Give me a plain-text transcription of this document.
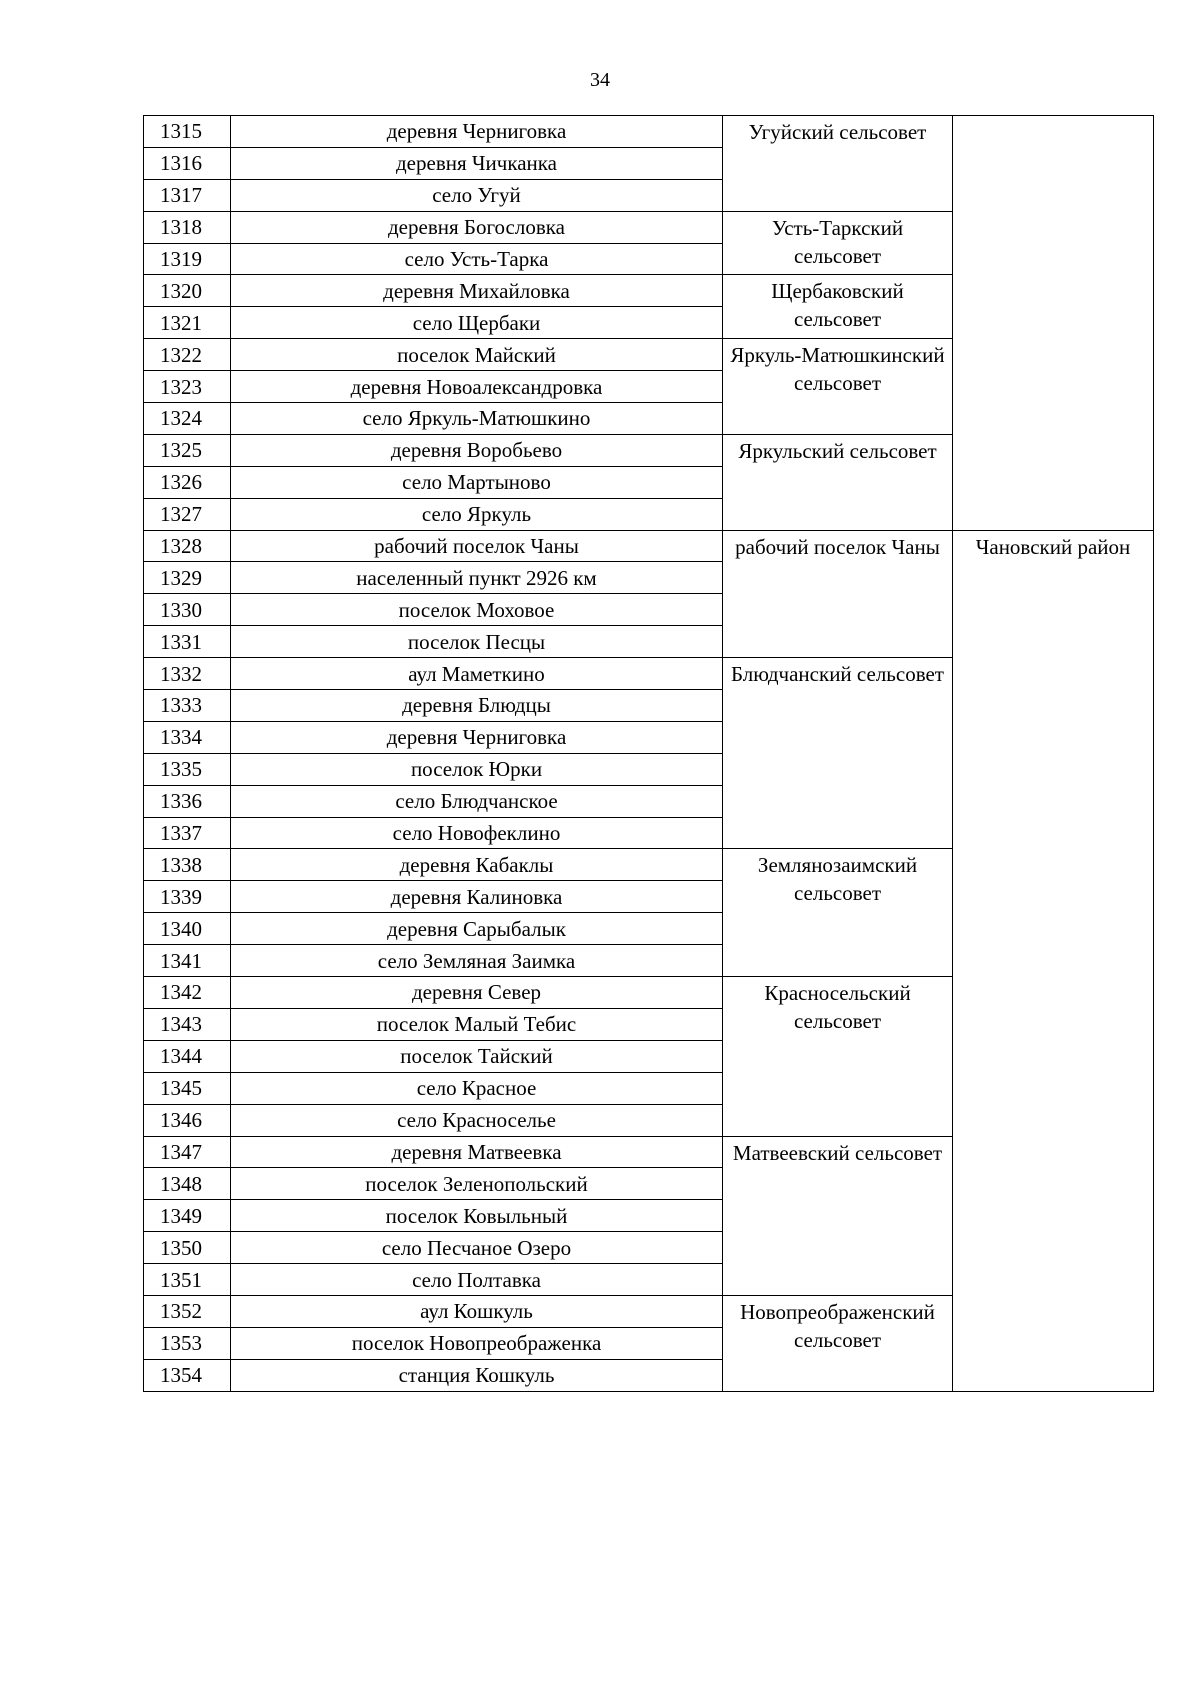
34
1315	деревня Черниговка	Угуйский сельсовет	
1316	деревня Чичканка		
1317	село Угуй		
1318	деревня Богословка	Усть-Таркский сельсовет	
1319	село Усть-Тарка		
1320	деревня Михайловка	Щербаковский сельсовет	
1321	село Щербаки		
1322	поселок Майский	Яркуль-Матюшкинский сельсовет	
1323	деревня Новоалександровка		
1324	село Яркуль-Матюшкино		
1325	деревня Воробьево	Яркульский сельсовет	
1326	село Мартыново		
1327	село Яркуль		
1328	рабочий поселок Чаны	рабочий поселок Чаны	Чановский район
1329	населенный пункт 2926 км		
1330	поселок Моховое		
1331	поселок Песцы		
1332	аул Маметкино	Блюдчанский сельсовет	
1333	деревня Блюдцы		
1334	деревня Черниговка		
1335	поселок Юрки		
1336	село Блюдчанское		
1337	село Новофеклино		
1338	деревня Кабаклы	Землянозаимский сельсовет	
1339	деревня Калиновка		
1340	деревня Сарыбалык		
1341	село Земляная Заимка		
1342	деревня Север	Красносельский сельсовет	
1343	поселок Малый Тебис		
1344	поселок Тайский		
1345	село Красное		
1346	село Красноселье		
1347	деревня Матвеевка	Матвеевский сельсовет	
1348	поселок Зеленопольский		
1349	поселок Ковыльный		
1350	село Песчаное Озеро		
1351	село Полтавка		
1352	аул Кошкуль	Новопреображенский сельсовет	
1353	поселок Новопреображенка		
1354	станция Кошкуль		
